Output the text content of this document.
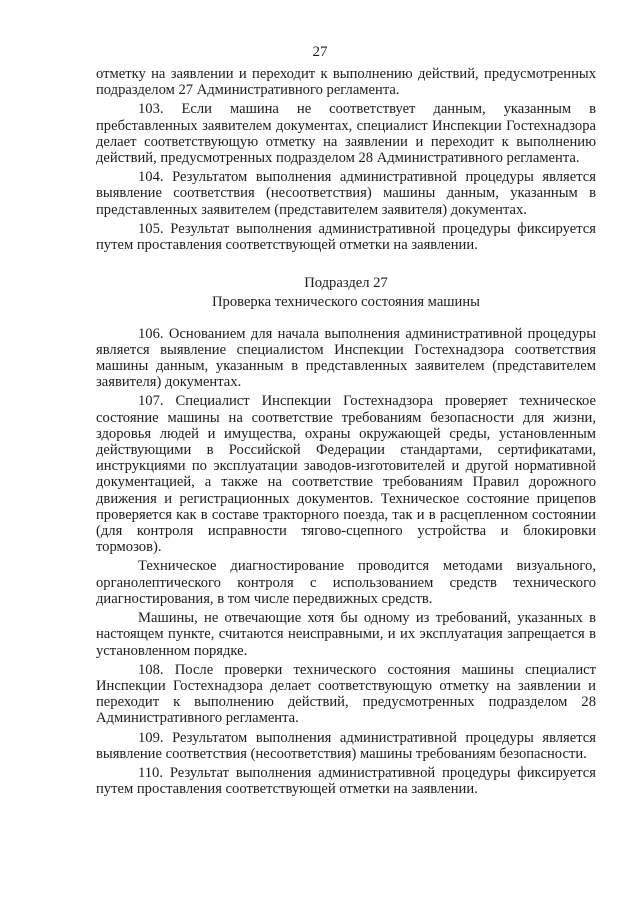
27

отметку на заявлении и переходит к выполнению действий, предусмотренных подразделом 27 Административного регламента.

103. Если машина не соответствует данным, указанным в пребставленных заявителем документах, специалист Инспекции Гостехнадзора делает соответствующую отметку на заявлении и переходит к выполнению действий, предусмотренных подразделом 28 Административного регламента.

104. Результатом выполнения административной процедуры является выявление соответствия (несоответствия) машины данным, указанным в представленных заявителем (представителем заявителя) документах.

105. Результат выполнения административной процедуры фиксируется путем проставления соответствующей отметки на заявлении.

Подраздел 27

Проверка технического состояния машины

106. Основанием для начала выполнения административной процедуры является выявление специалистом Инспекции Гостехнадзора соответствия машины данным, указанным в представленных заявителем (представителем заявителя) документах.

107. Специалист Инспекции Гостехнадзора проверяет техническое состояние машины на соответствие требованиям безопасности для жизни, здоровья людей и имущества, охраны окружающей среды, установленным действующими в Российской Федерации стандартами, сертификатами, инструкциями по эксплуатации заводов-изготовителей и другой нормативной документацией, а также на соответствие требованиям Правил дорожного движения и регистрационных документов. Техническое состояние прицепов проверяется как в составе тракторного поезда, так и в расцепленном состоянии (для контроля исправности тягово-сцепного устройства и блокировки тормозов).

Техническое диагностирование проводится методами визуального, органолептического контроля с использованием средств технического диагностирования, в том числе передвижных средств.

Машины, не отвечающие хотя бы одному из требований, указанных в настоящем пункте, считаются неисправными, и их эксплуатация запрещается в установленном порядке.

108. После проверки технического состояния машины специалист Инспекции Гостехнадзора делает соответствующую отметку на заявлении и переходит к выполнению действий, предусмотренных подразделом 28 Административного регламента.

109. Результатом выполнения административной процедуры является выявление соответствия (несоответствия) машины требованиям безопасности.

110. Результат выполнения административной процедуры фиксируется путем проставления соответствующей отметки на заявлении.
